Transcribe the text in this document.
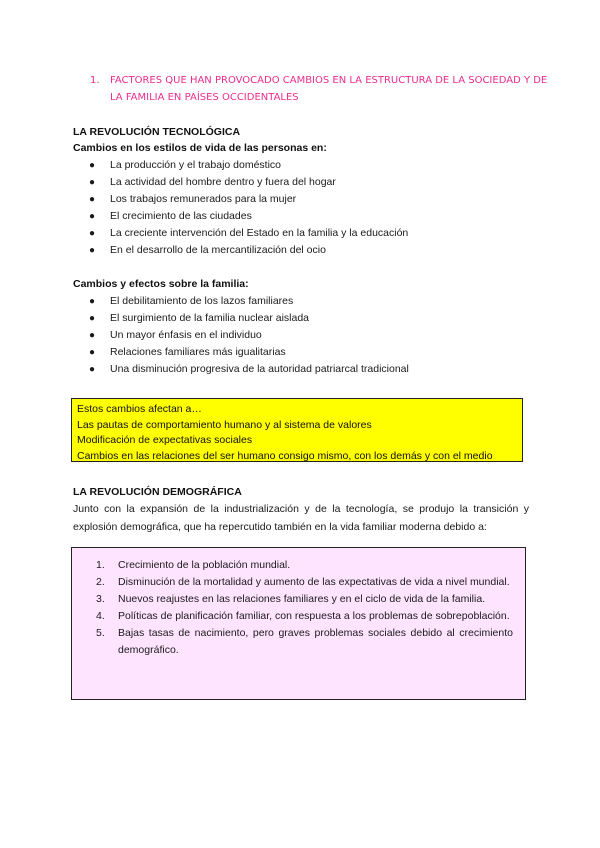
1.	FACTORES QUE HAN PROVOCADO CAMBIOS EN LA ESTRUCTURA DE LA SOCIEDAD Y DE LA FAMILIA EN PAÍSES OCCIDENTALES
LA REVOLUCIÓN TECNOLÓGICA
Cambios en los estilos de vida de las personas en:
● La producción y el trabajo doméstico
● La actividad del hombre dentro y fuera del hogar
● Los trabajos remunerados para la mujer
● El crecimiento de las ciudades
● La creciente intervención del Estado en la familia y la educación
● En el desarrollo de la mercantilización del ocio
Cambios y efectos sobre la familia:
● El debilitamiento de los lazos familiares
● El surgimiento de la familia nuclear aislada
● Un mayor énfasis en el individuo
● Relaciones familiares más igualitarias
● Una disminución progresiva de la autoridad patriarcal tradicional
Estos cambios afectan a…
Las pautas de comportamiento humano y al sistema de valores
Modificación de expectativas sociales
Cambios en las relaciones del ser humano consigo mismo, con los demás y con el medio
LA REVOLUCIÓN DEMOGRÁFICA
Junto con la expansión de la industrialización y de la tecnología, se produjo la transición y explosión demográfica, que ha repercutido también en la vida familiar moderna debido a:
1. Crecimiento de la población mundial.
2. Disminución de la mortalidad y aumento de las expectativas de vida a nivel mundial.
3. Nuevos reajustes en las relaciones familiares y en el ciclo de vida de la familia.
4. Políticas de planificación familiar, con respuesta a los problemas de sobrepoblación.
5. Bajas tasas de nacimiento, pero graves problemas sociales debido al crecimiento demográfico.
